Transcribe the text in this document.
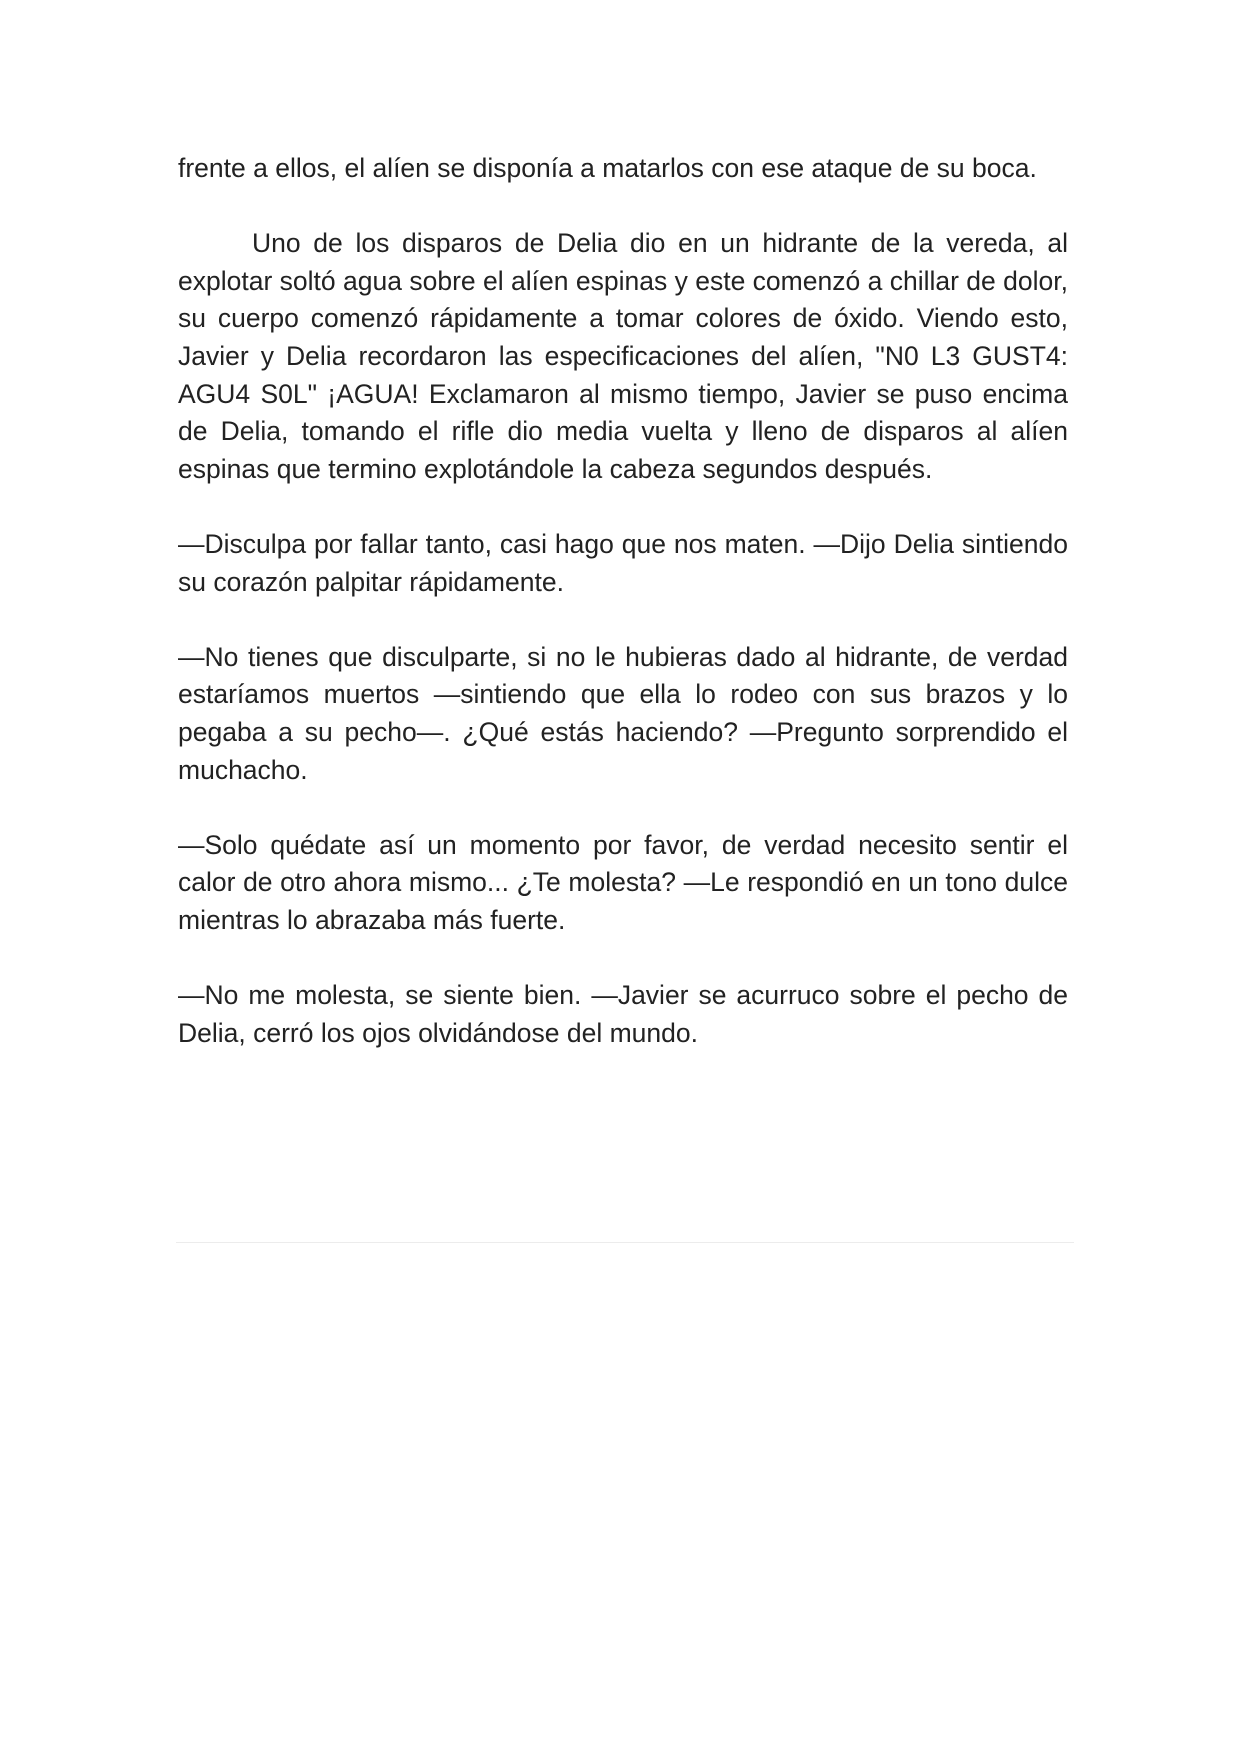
frente a ellos, el alíen se disponía a matarlos con ese ataque de su boca.

Uno de los disparos de Delia dio en un hidrante de la vereda, al explotar soltó agua sobre el alíen espinas y este comenzó a chillar de dolor, su cuerpo comenzó rápidamente a tomar colores de óxido. Viendo esto, Javier y Delia recordaron las especificaciones del alíen, "N0 L3 GUST4: AGU4 S0L" ¡AGUA! Exclamaron al mismo tiempo, Javier se puso encima de Delia, tomando el rifle dio media vuelta y lleno de disparos al alíen espinas que termino explotándole la cabeza segundos después.

—Disculpa por fallar tanto, casi hago que nos maten. —Dijo Delia sintiendo su corazón palpitar rápidamente.

—No tienes que disculparte, si no le hubieras dado al hidrante, de verdad estaríamos muertos —sintiendo que ella lo rodeo con sus brazos y lo pegaba a su pecho—. ¿Qué estás haciendo? —Pregunto sorprendido el muchacho.

—Solo quédate así un momento por favor, de verdad necesito sentir el calor de otro ahora mismo... ¿Te molesta? —Le respondió en un tono dulce mientras lo abrazaba más fuerte.

—No me molesta, se siente bien. —Javier se acurruco sobre el pecho de Delia, cerró los ojos olvidándose del mundo.
